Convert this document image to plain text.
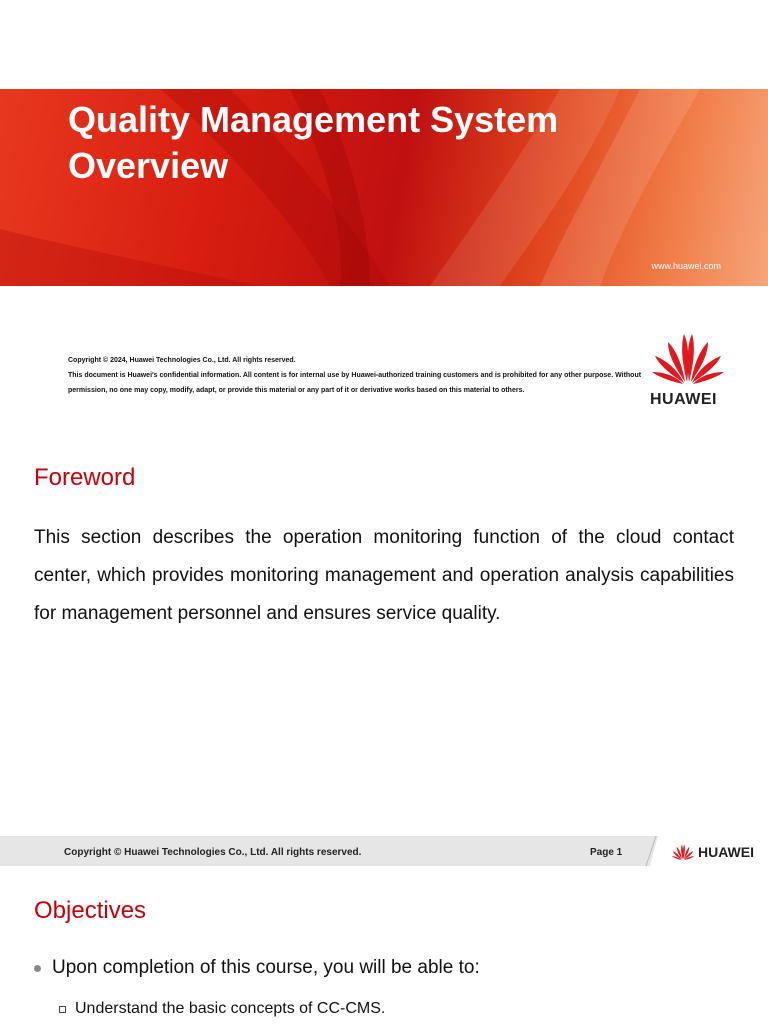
Quality Management System
Overview
www.huawei.com

Copyright © 2024, Huawei Technologies Co., Ltd. All rights reserved.

This document is Huawei's confidential information. All content is for internal use by Huawei-authorized training customers and is prohibited for any other purpose. Without

permission, no one may copy, modify, adapt, or provide this material or any part of it or derivative works based on this material to others.

HUAWEI
Foreword
This section describes the operation monitoring function of the cloud contact center, which provides monitoring management and operation analysis capabilities for management personnel and ensures service quality.
Copyright © Huawei Technologies Co., Ltd. All rights reserved.	Page 1	HUAWEI
Objectives
Upon completion of this course, you will be able to:
Understand the basic concepts of CC-CMS.
